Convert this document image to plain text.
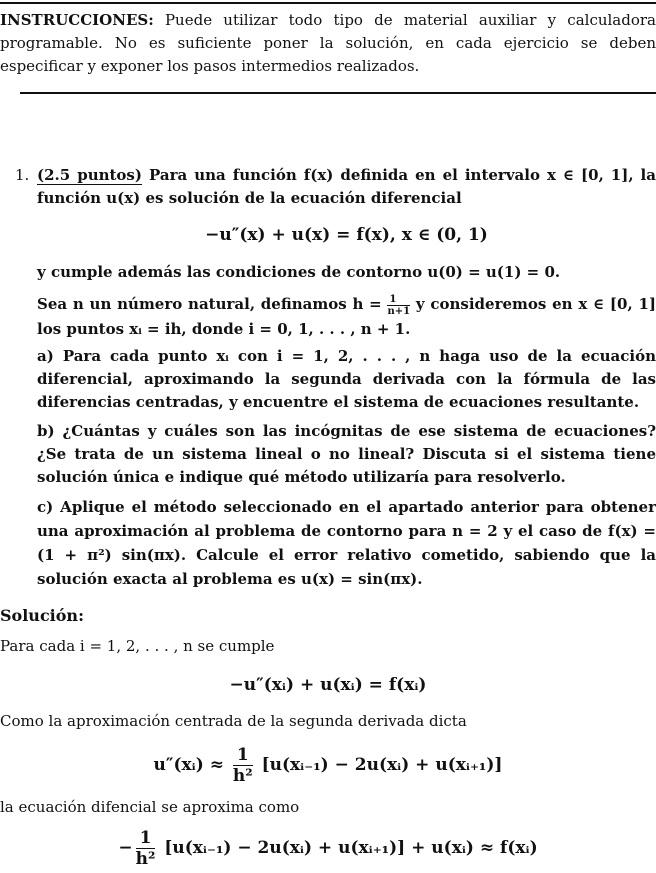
INSTRUCCIONES: Puede utilizar todo tipo de material auxiliar y calculadora programable. No es suficiente poner la solución, en cada ejercicio se deben especificar y exponer los pasos intermedios realizados.
1. (2.5 puntos) Para una función f(x) definida en el intervalo x ∈ [0, 1], la función u(x) es solución de la ecuación diferencial
−u″(x) + u(x) = f(x), x ∈ (0, 1)
y cumple además las condiciones de contorno u(0) = u(1) = 0.
Sea n un número natural, definamos $h = \frac{1}{n+1}$ y consideremos en x ∈ [0, 1] los puntos xᵢ = ih, donde i = 0, 1, . . . , n + 1.
a) Para cada punto xᵢ con i = 1, 2, . . . , n haga uso de la ecuación diferencial, aproximando la segunda derivada con la fórmula de las diferencias centradas, y encuentre el sistema de ecuaciones resultante.
b) ¿Cuántas y cuáles son las incógnitas de ese sistema de ecuaciones? ¿Se trata de un sistema lineal o no lineal? Discuta si el sistema tiene solución única e indique qué método utilizaría para resolverlo.
c) Aplique el método seleccionado en el apartado anterior para obtener una aproximación al problema de contorno para n = 2 y el caso de f(x) = (1 + π²) sin(πx). Calcule el error relativo cometido, sabiendo que la solución exacta al problema es u(x) = sin(πx).
Solución:
Para cada i = 1, 2, . . . , n se cumple
−u″(xᵢ) + u(xᵢ) = f(xᵢ)
Como la aproximación centrada de la segunda derivada dicta
u″(xᵢ) ≈ $\frac{1}{\text{h²}}$ [u(xᵢ₋₁) − 2u(xᵢ) + u(xᵢ₊₁)]
la ecuación difencial se aproxima como
− $\frac{1}{\text{h²}}$ [u(xᵢ₋₁) − 2u(xᵢ) + u(xᵢ₊₁)] + u(xᵢ) ≈ f(xᵢ)
